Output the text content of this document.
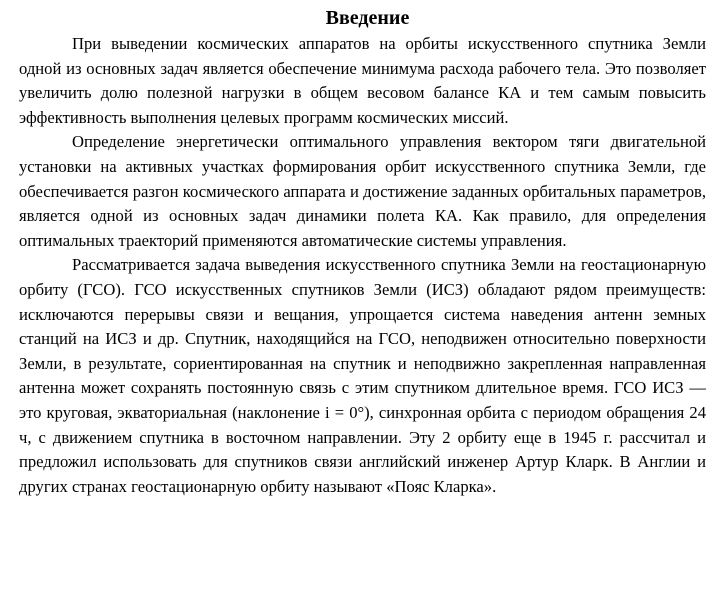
Введение

При выведении космических аппаратов на орбиты искусственного спутника Земли одной из основных задач является обеспечение минимума расхода рабочего тела. Это позволяет увеличить долю полезной нагрузки в общем весовом балансе КА и тем самым повысить эффективность выполнения целевых программ космических миссий.

Определение энергетически оптимального управления вектором тяги двигательной установки на активных участках формирования орбит искусственного спутника Земли, где обеспечивается разгон космического аппарата и достижение заданных орбитальных параметров, является одной из основных задач динамики полета КА. Как правило, для определения оптимальных траекторий применяются автоматические системы управления.

Рассматривается задача выведения искусственного спутника Земли на геостационарную орбиту (ГСО). ГСО искусственных спутников Земли (ИСЗ) обладают рядом преимуществ: исключаются перерывы связи и вещания, упрощается система наведения антенн земных станций на ИСЗ и др. Спутник, находящийся на ГСО, неподвижен относительно поверхности Земли, в результате, сориентированная на спутник и неподвижно закрепленная направленная антенна может сохранять постоянную связь с этим спутником длительное время. ГСО ИСЗ — это круговая, экваториальная (наклонение i = 0°), синхронная орбита с периодом обращения 24 ч, с движением спутника в восточном направлении. Эту 2 орбиту еще в 1945 г. рассчитал и предложил использовать для спутников связи английский инженер Артур Кларк. В Англии и других странах геостационарную орбиту называют «Пояс Кларка».
